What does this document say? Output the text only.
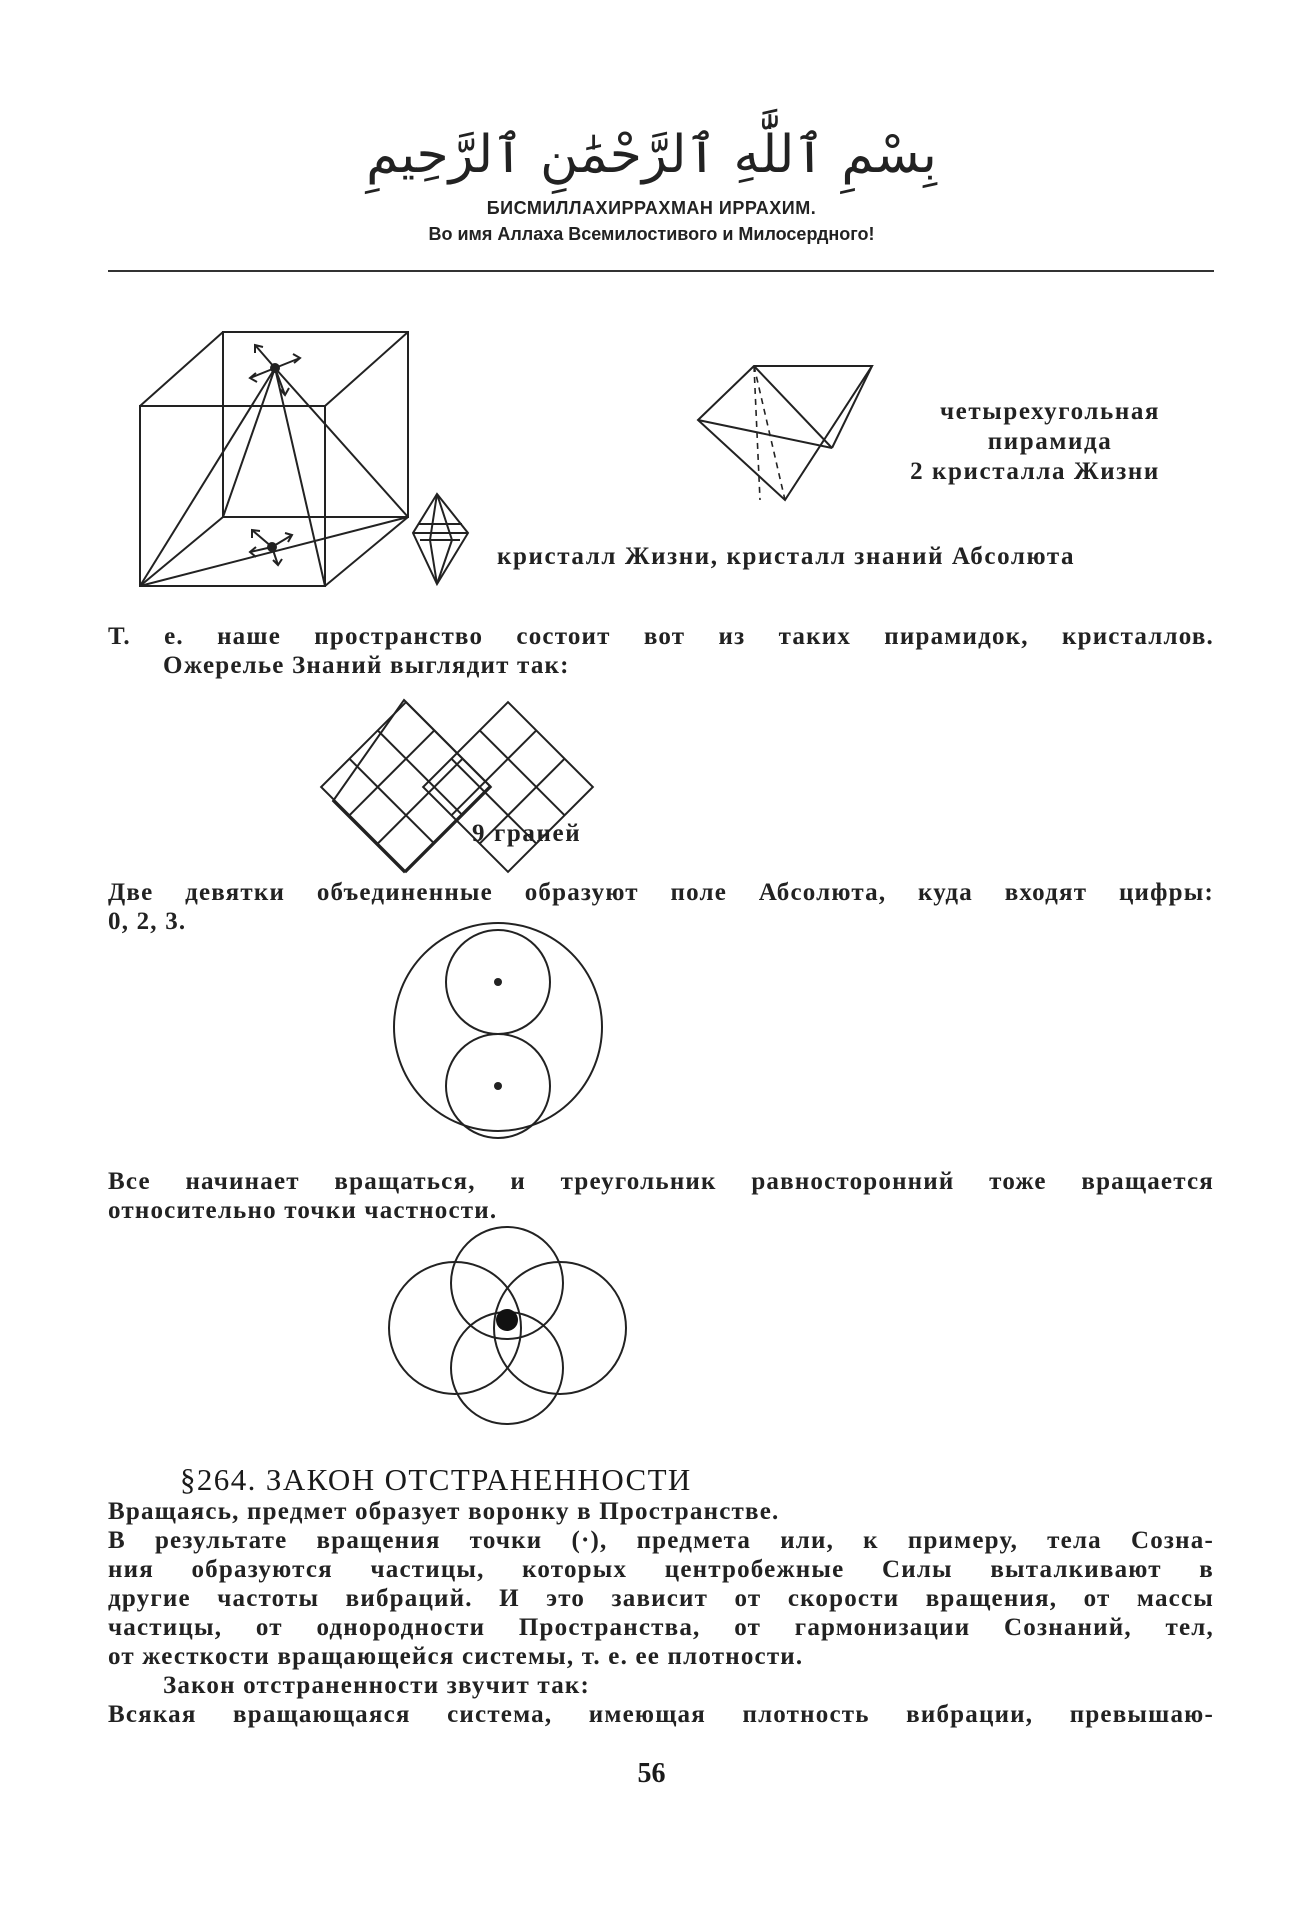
بِسْمِ ٱللَّٰهِ ٱلرَّحْمَٰنِ ٱلرَّحِيمِ
БИСМИЛЛАХИРРАХМАН ИРРАХИМ.
Во имя Аллаха Всемилостивого и Милосердного!
четырехугольная
пирамида
2 кристалла Жизни
кристалл Жизни, кристалл знаний Абсолюта
Т. е. наше пространство состоит вот из таких пирамидок, кристаллов.
Ожерелье Знаний выглядит так:
9 граней
Две девятки объединенные образуют поле Абсолюта, куда входят цифры:
0, 2, 3.
Все начинает вращаться, и треугольник равносторонний тоже вращается
относительно точки частности.
§264. ЗАКОН ОТСТРАНЕННОСТИ
Вращаясь, предмет образует воронку в Пространстве.
В результате вращения точки (·), предмета или, к примеру, тела Созна-
ния образуются частицы, которых центробежные Силы выталкивают в
другие частоты вибраций. И это зависит от скорости вращения, от массы
частицы, от однородности Пространства, от гармонизации Сознаний, тел,
от жесткости вращающейся системы, т. е. ее плотности.
Закон отстраненности звучит так:
Всякая вращающаяся система, имеющая плотность вибрации, превышаю-
56
